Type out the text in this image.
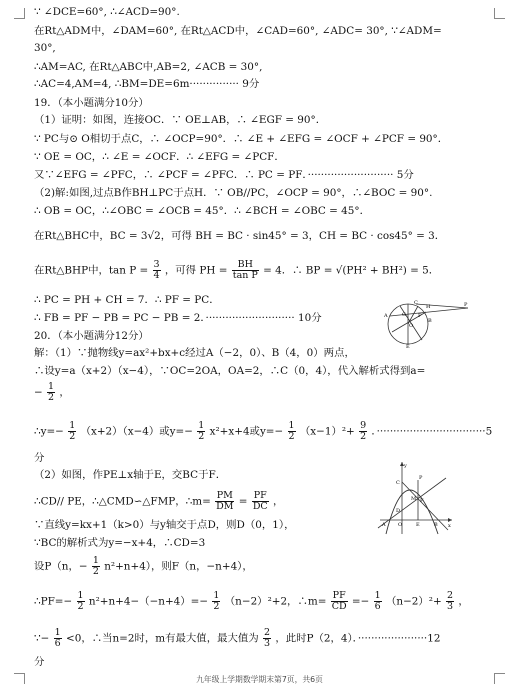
∵ ∠DCE=60°, ∴∠ACD=90°.
在Rt△ADM中，∠DAM=60°, 在Rt△ACD中，∠CAD=60°, ∠ADC= 30°, ∵∠ADM=
30°,
∴AM=AC, 在Rt△ABC中,AB=2, ∠ACB = 30°,
∴AC=4,AM=4, ∴BM=DE=6m··············· 9分
19．（本小题满分10分）
（1）证明：如图，连接OC．∵ OE⊥AB，∴ ∠EGF = 90°．
∵ PC与⊙ O相切于点C，∴ ∠OCP=90°．∴ ∠E + ∠EFG = ∠OCF + ∠PCF = 90°．
∵ OE = OC，∴ ∠E = ∠OCF．∴ ∠EFG = ∠PCF．
又∵∠EFG = ∠PFC，∴ ∠PCF = ∠PFC．∴ PC = PF．·························· 5分
（2)解:如图,过点B作BH⊥PC于点H．∵ OB//PC，∠OCP = 90°，∴∠BOC = 90°.
∴ OB = OC，∴∠OBC = ∠OCB = 45°．∴ ∠BCH = ∠OBC = 45°．
在Rt△BHC中，BC = 3√2，可得 BH = BC · sin45° = 3，CH = BC · cos45° = 3．
在Rt△BHP中，$\tan P = \frac{3}{4}$ ，可得 PH = $\frac{BH}{\text{tan P}} = 4$．∴ BP = √(PH² + BH²) = 5．
∴ PC = PH + CH = 7．∴ PF = PC．
∴ FB = PF − PB = PC − PB = 2．··························· 10分
20．（本小题满分12分）
解：（1）∵抛物线y=ax²+bx+c经过A（−2，0）、B（4，0）两点，
∴设y=a（x+2）（x−4），∵OC=2OA，OA=2，∴C（0，4），代入解析式得到a=
− $\frac{1}{2}$ ，
∴y=− $\frac{1}{2} (x+2)(x-4)$或$y=- \frac{1}{2} x^2+x+4$或$y=- \frac{1}{2} (x-1)^2+ \frac{9}{2}$ ．·································5
分
（2）如图，作PE⊥x轴于E，交BC于F．
∴CD// PE，∴△CMD∽△FMP，∴m= $\frac{PM}{DM} = \frac{PF}{DC}$ ，
∵直线y=kx+1（k>0）与y轴交于点D，则D（0，1），
∵BC的解析式为y=−x+4，∴CD=3
设P（n，− $\frac{1}{2} n^2+n+4$），则F（n，−n+4），
∴PF=− $\frac{1}{2} n^2+n+4-(-n+4)=- \frac{1}{2} (n-2)^2+2$，∴m= $\frac{PF}{CD} =- \frac{1}{6} (n-2)^2+ \frac{2}{3}$ ，
∵− $\frac{1}{6} <0$，∴当n=2时，m有最大值，最大值为 $\frac{2}{3}$ ，此时P（2，4）．·····················12
分
C	P
H
A
O
F
G
B
E
y
x
C
P
M F
D
A O	E	B
九年级上学期数学期末第7页，共6页
